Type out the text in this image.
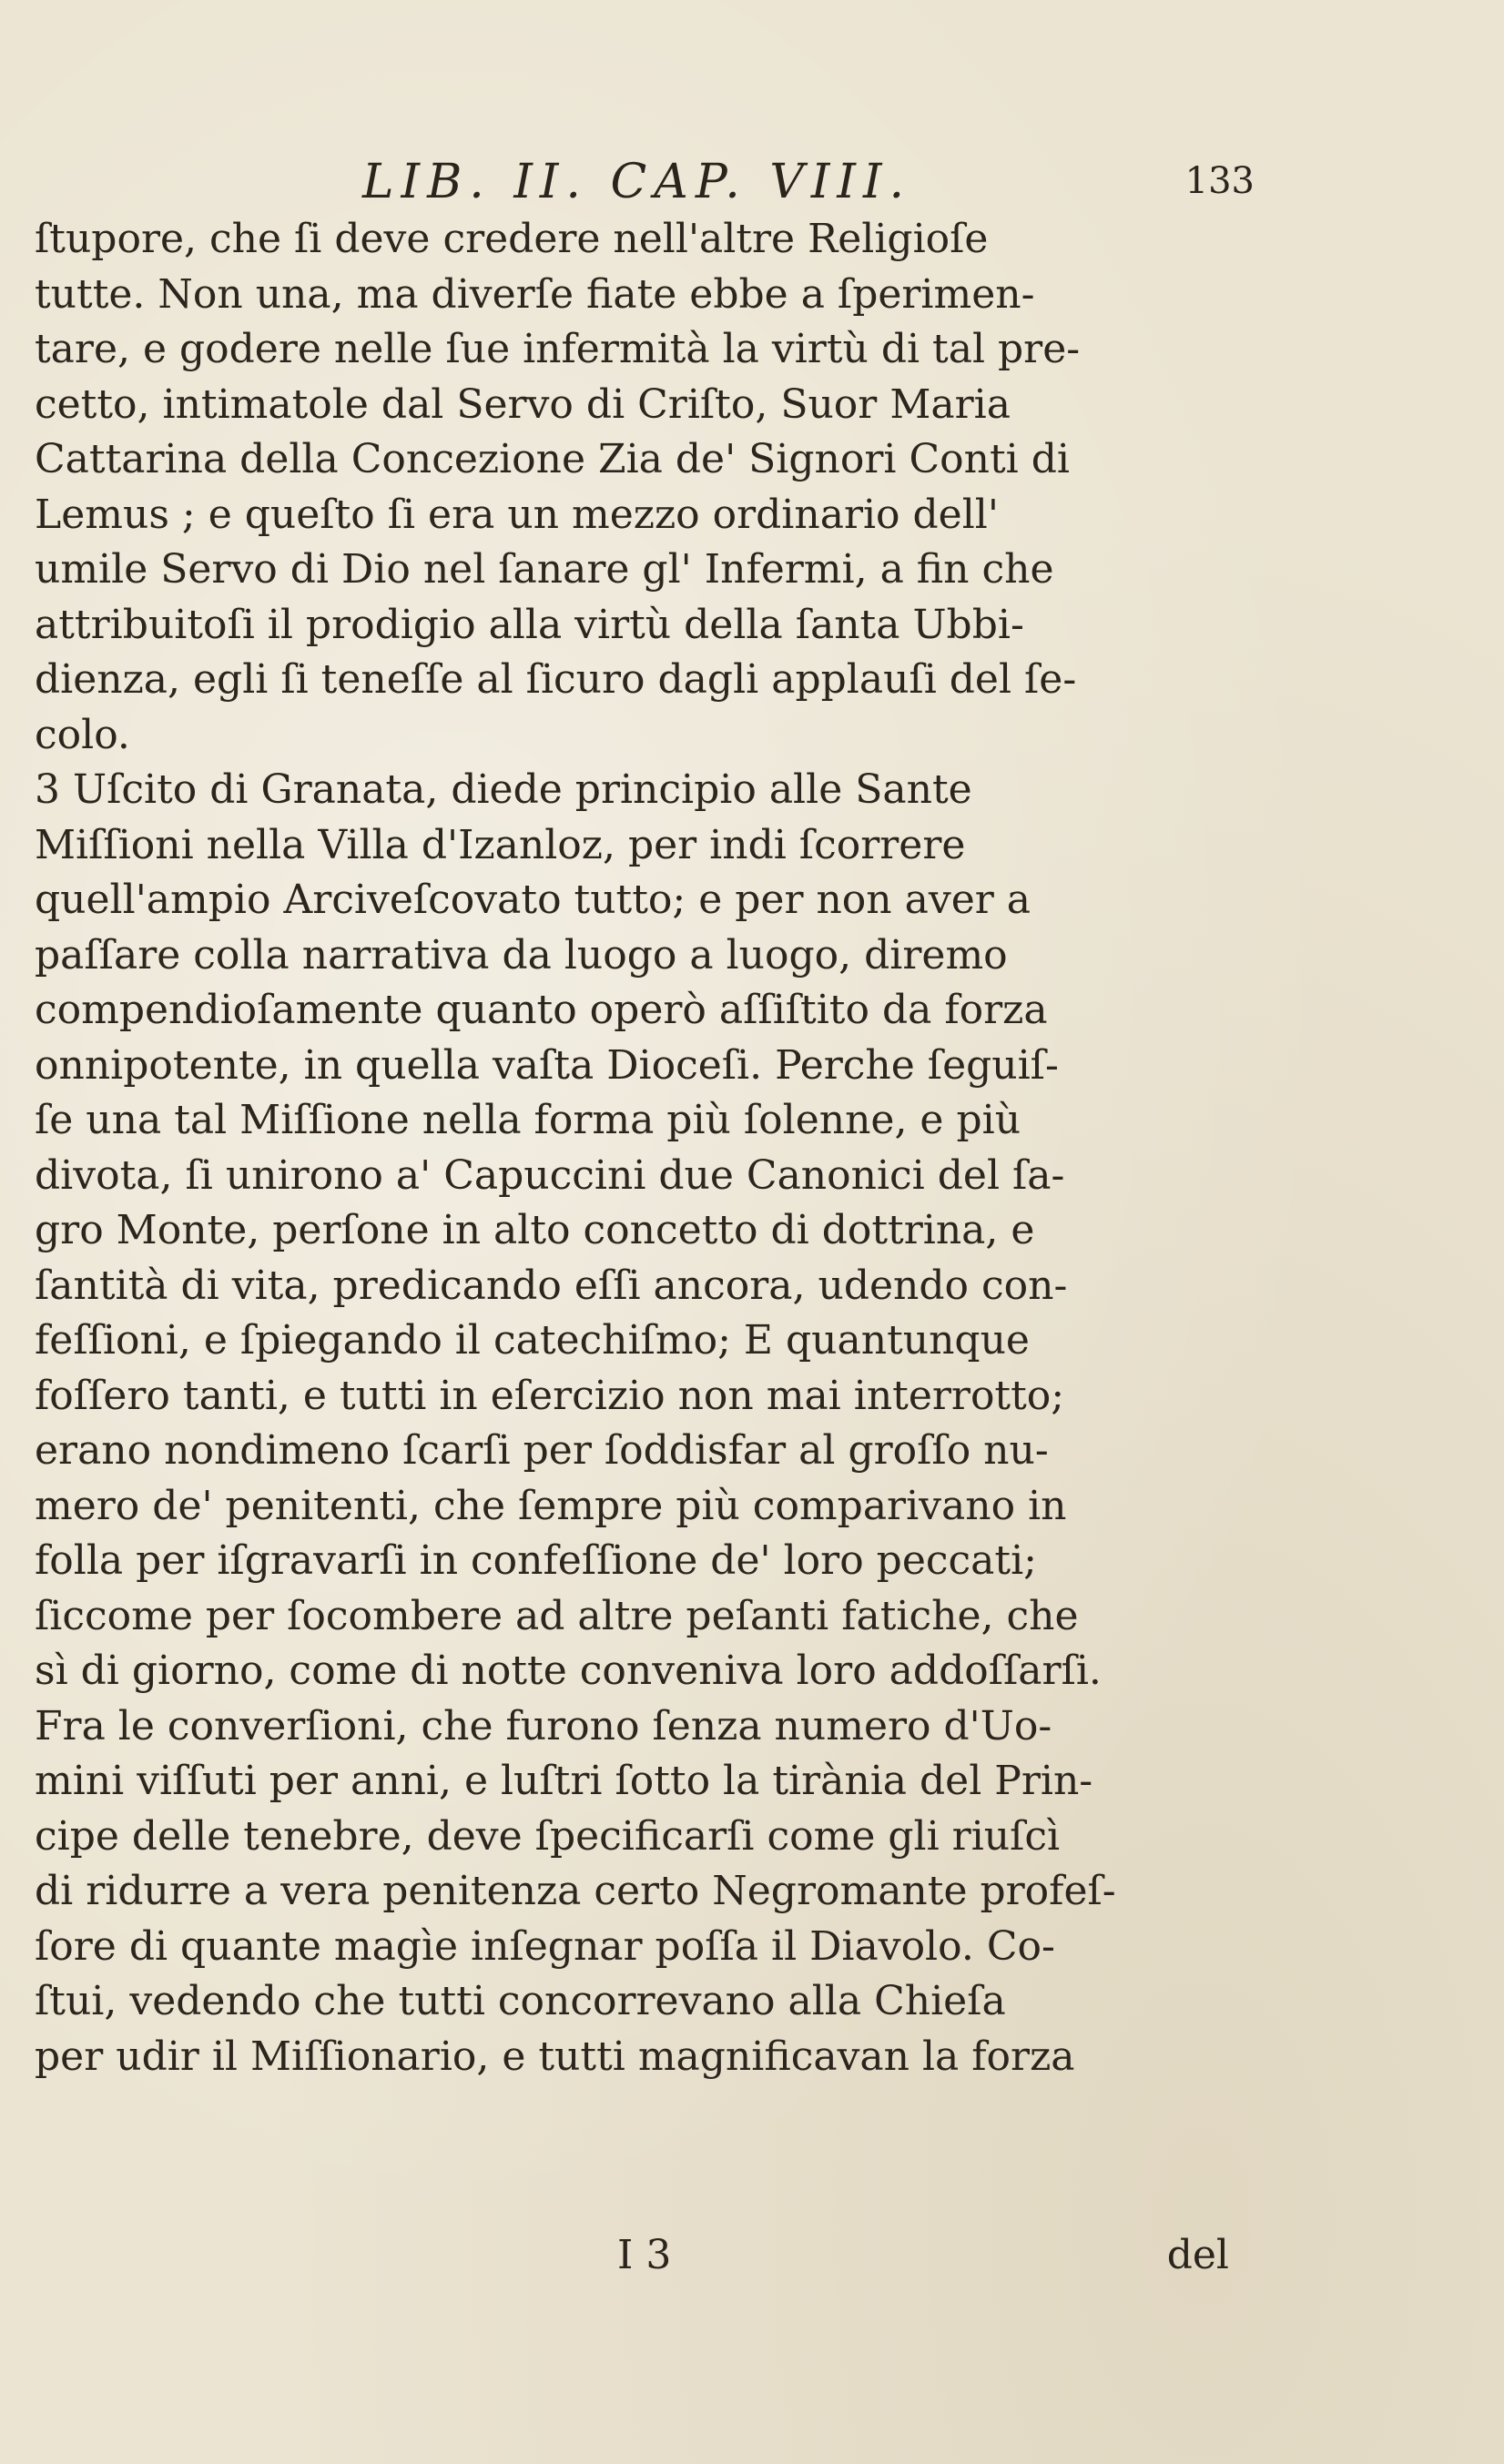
LIB. II. CAP. VIII.	133
ſtupore, che ſi deve credere nell'altre Religioſe
tutte. Non una, ma diverſe fiate ebbe a ſperimen-
tare, e godere nelle ſue infermità la virtù di tal pre-
cetto, intimatole dal Servo di Criſto, Suor Maria
Cattarina della Concezione Zia de' Signori Conti di
Lemus ; e queſto ſi era un mezzo ordinario dell'
umile Servo di Dio nel ſanare gl' Infermi, a fin che
attribuitoſi il prodigio alla virtù della ſanta Ubbi-
dienza, egli ſi teneſſe al ſicuro dagli applauſi del ſe-
colo.
3 Uſcito di Granata, diede principio alle Sante
Miſſioni nella Villa d'Izanloz, per indi ſcorrere
quell'ampio Arciveſcovato tutto; e per non aver a
paſſare colla narrativa da luogo a luogo, diremo
compendioſamente quanto operò aſſiſtito da forza
onnipotente, in quella vaſta Dioceſi. Perche ſeguiſ-
ſe una tal Miſſione nella forma più ſolenne, e più
divota, ſi unirono a' Capuccini due Canonici del ſa-
gro Monte, perſone in alto concetto di dottrina, e
ſantità di vita, predicando eſſi ancora, udendo con-
feſſioni, e ſpiegando il catechiſmo; E quantunque
foſſero tanti, e tutti in eſercizio non mai interrotto;
erano nondimeno ſcarſi per ſoddisfar al groſſo nu-
mero de' penitenti, che ſempre più comparivano in
folla per iſgravarſi in confeſſione de' loro peccati;
ſiccome per ſocombere ad altre peſanti fatiche, che
sì di giorno, come di notte conveniva loro addoſſarſi.
Fra le converſioni, che furono ſenza numero d'Uo-
mini viſſuti per anni, e luſtri ſotto la tirània del Prin-
cipe delle tenebre, deve ſpecificarſi come gli riuſcì
di ridurre a vera penitenza certo Negromante profeſ-
ſore di quante magìe inſegnar poſſa il Diavolo. Co-
ſtui, vedendo che tutti concorrevano alla Chieſa
per udir il Miſſionario, e tutti magnificavan la forza
I 3	del
